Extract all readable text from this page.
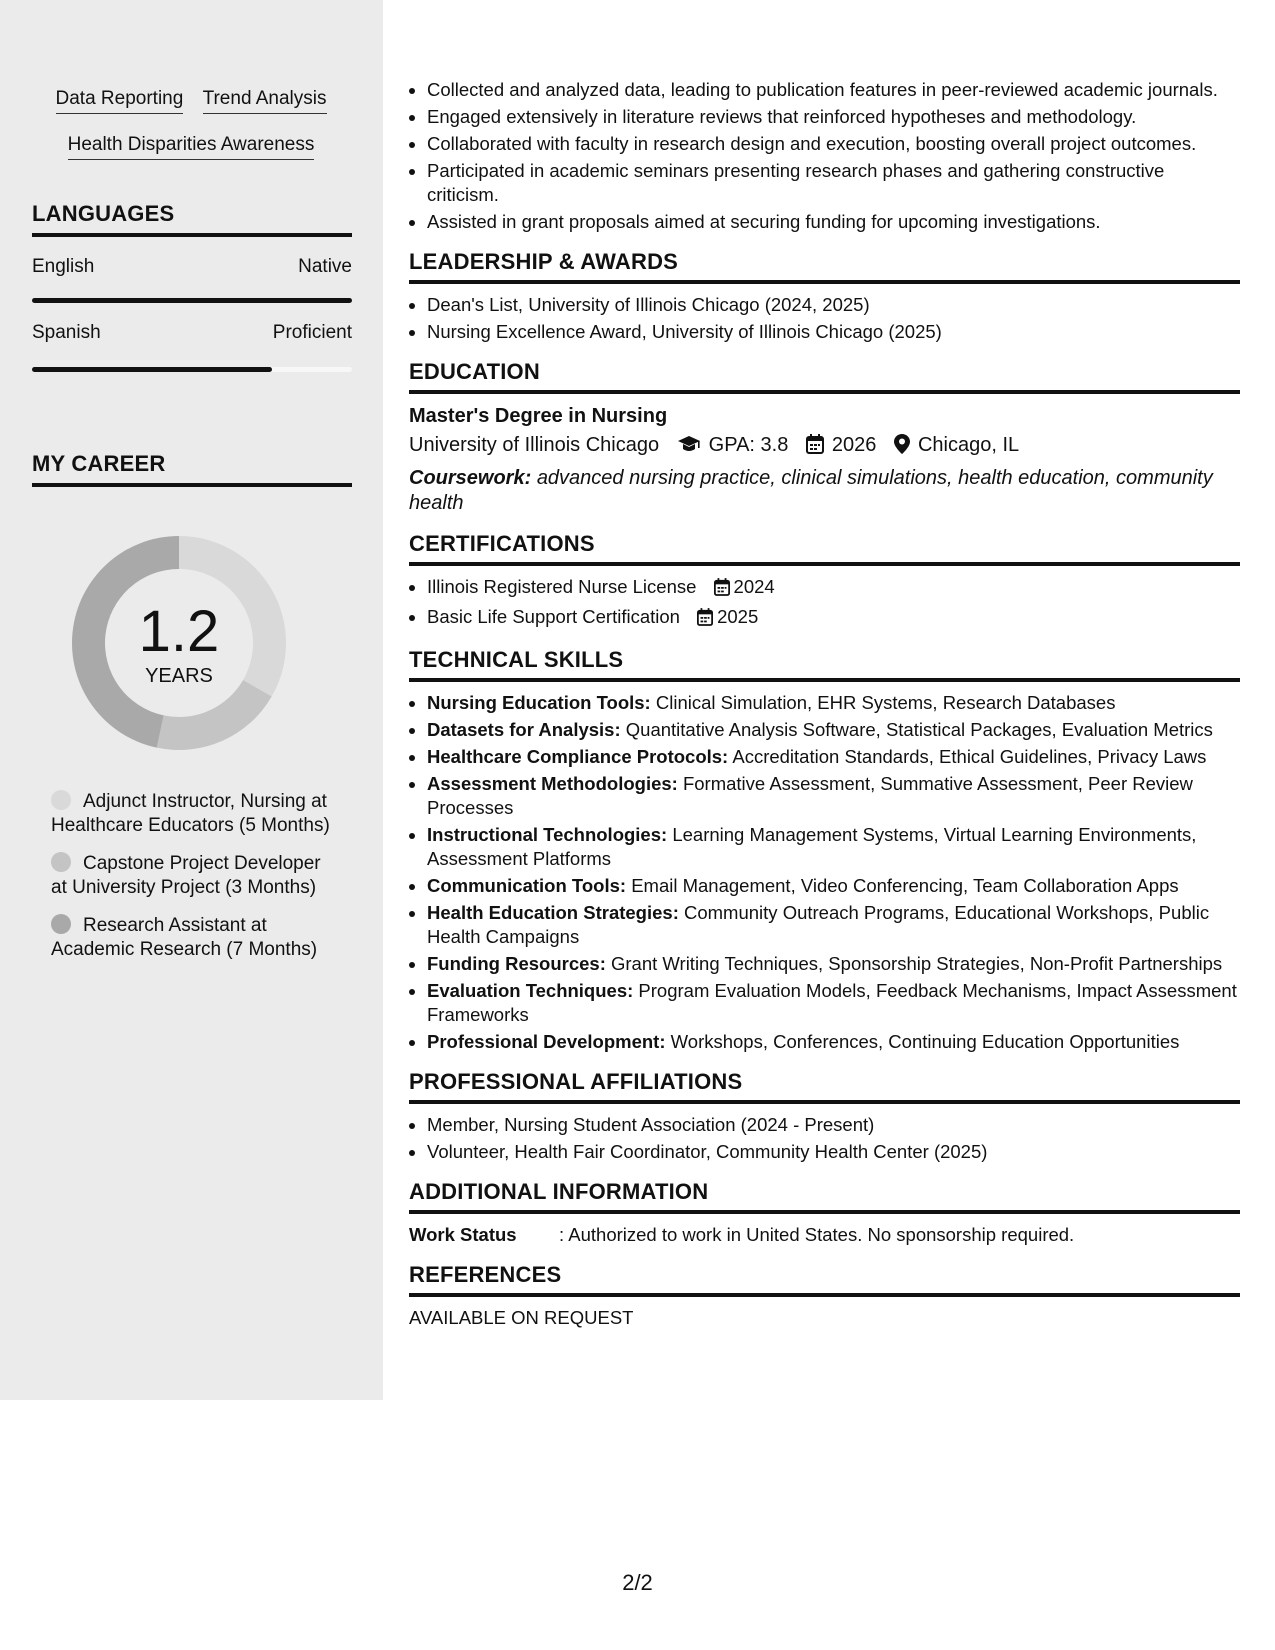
Data Reporting Trend Analysis
Health Disparities Awareness
LANGUAGES
English	Native
Spanish	Proficient
MY CAREER
1.2
YEARS
Adjunct Instructor, Nursing at Healthcare Educators (5 Months)
Capstone Project Developer at University Project (3 Months)
Research Assistant at Academic Research (7 Months)
• Collected and analyzed data, leading to publication features in peer-reviewed academic journals.
• Engaged extensively in literature reviews that reinforced hypotheses and methodology.
• Collaborated with faculty in research design and execution, boosting overall project outcomes.
• Participated in academic seminars presenting research phases and gathering constructive criticism.
• Assisted in grant proposals aimed at securing funding for upcoming investigations.
LEADERSHIP & AWARDS
• Dean's List, University of Illinois Chicago (2024, 2025)
• Nursing Excellence Award, University of Illinois Chicago (2025)
EDUCATION
Master's Degree in Nursing
University of Illinois Chicago GPA: 3.8 2026 Chicago, IL
Coursework: advanced nursing practice, clinical simulations, health education, community health
CERTIFICATIONS
• Illinois Registered Nurse License 2024
• Basic Life Support Certification 2025
TECHNICAL SKILLS
• Nursing Education Tools: Clinical Simulation, EHR Systems, Research Databases
• Datasets for Analysis: Quantitative Analysis Software, Statistical Packages, Evaluation Metrics
• Healthcare Compliance Protocols: Accreditation Standards, Ethical Guidelines, Privacy Laws
• Assessment Methodologies: Formative Assessment, Summative Assessment, Peer Review Processes
• Instructional Technologies: Learning Management Systems, Virtual Learning Environments, Assessment Platforms
• Communication Tools: Email Management, Video Conferencing, Team Collaboration Apps
• Health Education Strategies: Community Outreach Programs, Educational Workshops, Public Health Campaigns
• Funding Resources: Grant Writing Techniques, Sponsorship Strategies, Non-Profit Partnerships
• Evaluation Techniques: Program Evaluation Models, Feedback Mechanisms, Impact Assessment Frameworks
• Professional Development: Workshops, Conferences, Continuing Education Opportunities
PROFESSIONAL AFFILIATIONS
• Member, Nursing Student Association (2024 - Present)
• Volunteer, Health Fair Coordinator, Community Health Center (2025)
ADDITIONAL INFORMATION
Work Status : Authorized to work in United States. No sponsorship required.
REFERENCES
AVAILABLE ON REQUEST
2/2
